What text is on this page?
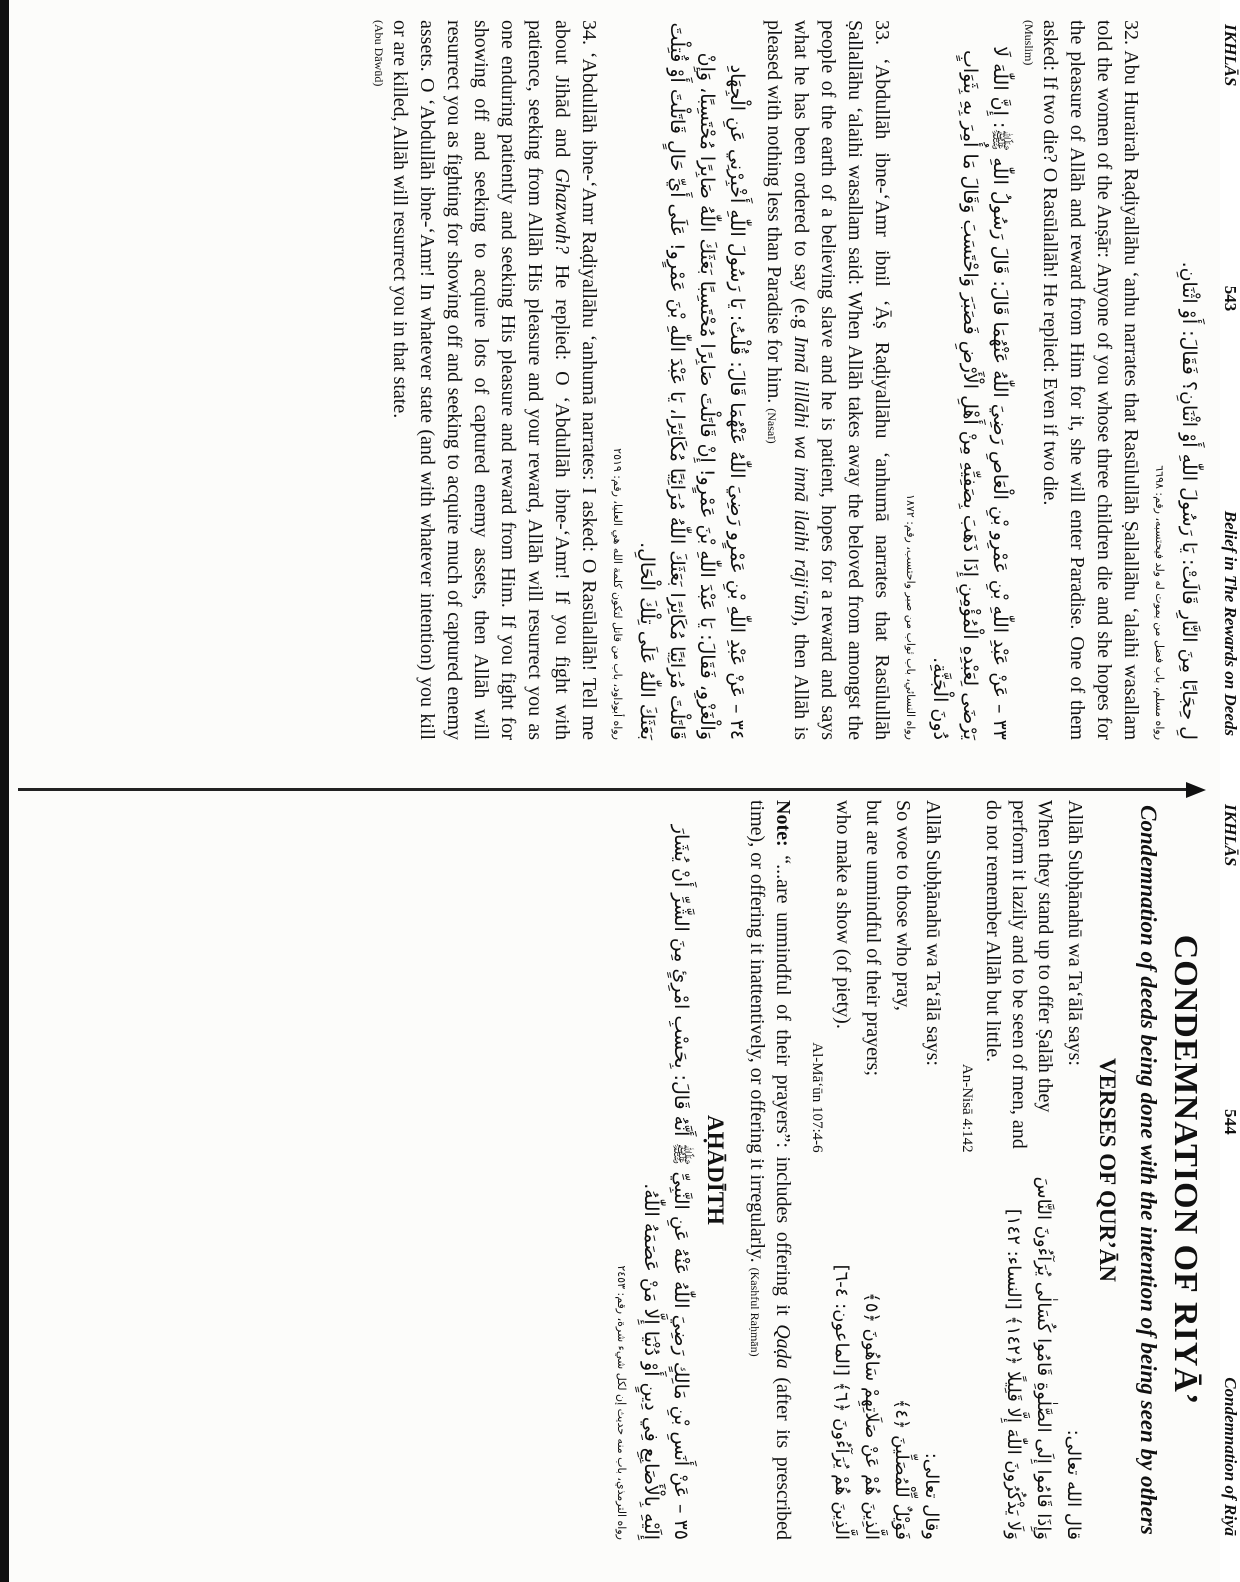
IKHLĀS
543
Belief in The Rewards on Deeds
لِ حِجَابًا مِنَ النَّارِ قَالَتْ: يَا رَسُولَ اللّٰهِ أَوْ اثْنَانِ؟ فَقَالَ: أَوْ اثْنَانِ.
رواه مسلم، باب فضل من يموت له ولد فيحتسبه، رقم: ٦٦٩٨
32. Abu Hurairah Raḍiyallāhu ‘anhu narrates that Rasūlullāh Ṣallallāhu ‘alaihi wasallam told the women of the Anṣār: Anyone of you whose three children die and she hopes for the pleasure of Allāh and reward from Him for it, she will enter Paradise. One of them asked: If two die? O Rasūlallāh! He replied: Even if two die.
(Muslim)
٣٣ – عَنْ عَبْدِ اللّٰهِ بْنِ عَمْرِو بْنِ الْعَاصِ رَضِيَ اللّٰهُ عَنْهُمَا قَالَ: قَالَ رَسُولُ اللّٰهِ ﷺ: إِنَّ اللّٰهَ لَا يَرْضَى لِعَبْدِهِ الْمُؤْمِنِ إِذَا ذَهَبَ بِصَفِيِّهِ مِنْ أَهْلِ الْأَرْضِ فَصَبَرَ وَاحْتَسَبَ وَقَالَ مَا أُمِرَ بِهِ بِثَوَابٍ دُونَ الْجَنَّةِ.
رواه النسائي، باب ثواب من صبر واحتسب، رقم: ١٨٧٢
33. ‘Abdullāh ibne-‘Amr ibnil ‘Āṣ Raḍiyallāhu ‘anhumā narrates that Rasūlullāh Ṣallallāhu ‘alaihi wasallam said: When Allāh takes away the beloved from amongst the people of the earth of a believing slave and he is patient, hopes for a reward and says what he has been ordered to say (e.g Innā lillāhi wa innā ilaihi rāji‘ūn), then Allāh is pleased with nothing less than Paradise for him. (Nasaī)
٣٤ – عَنْ عَبْدِ اللّٰهِ بْنِ عَمْرٍو رَضِيَ اللّٰهُ عَنْهُمَا قَالَ: قُلْتُ: يَا رَسُولَ اللّٰهِ أَخْبِرْنِي عَنِ الْجِهَادِ وَالْغَزْوِ، فَقَالَ: يَا عَبْدَ اللّٰهِ بْنَ عَمْرٍو! إِنْ قَاتَلْتَ صَابِرًا مُحْتَسِبًا بَعَثَكَ اللّٰهُ صَابِرًا مُحْتَسِبًا، وَإِنْ قَاتَلْتَ مُرَائِيًا مُكَاثِرًا بَعَثَكَ اللّٰهُ مُرَائِيًا مُكَاثِرًا، يَا عَبْدَ اللّٰهِ بْنَ عَمْرٍو! عَلَى أَيِّ حَالٍ قَاتَلْتَ أَوْ قُتِلْتَ بَعَثَكَ اللّٰهُ عَلَى تِلْكَ الْحَالِ.
رواه أبوداود، باب من قاتل لتكون كلمة الله هي العليا، رقم: ٢٥١٩
34. ‘Abdullāh ibne-‘Amr Raḍiyallāhu ‘anhumā narrates: I asked: O Rasūlallāh! Tell me about Jihād and Ghazwah? He replied: O ‘Abdullāh ibne-‘Amr! If you fight with patience, seeking from Allāh His pleasure and your reward, Allāh will resurrect you as one enduring patiently and seeking His pleasure and reward from Him. If you fight for showing off and seeking to acquire lots of captured enemy assets, then Allāh will resurrect you as fighting for showing off and seeking to acquire much of captured enemy assets. O ‘Abdullāh ibne-‘Amr! In whatever state (and with whatever intention) you kill or are killed, Allāh will resurrect you in that state.
(Abu Dāwūd)
IKHLĀS
544
Condemnation of Riyā
CONDEMNATION OF RIYĀ’
Condemnation of deeds being done with the intention of being seen by others
VERSES OF QUR’ĀN
Allāh Subḥānahū wa Ta‘ālā says:
قال الله تعالى:
When they stand up to offer Ṣalāh they perform it lazily and to be seen of men, and do not remember Allāh but little.
An-Nisā 4:142
وَإِذَا قَامُوا إِلَى الصَّلٰوةِ قَامُوا كُسَالٰى يُرَآءُونَ النَّاسَ وَلَا يَذْكُرُونَ اللّٰهَ إِلَّا قَلِيلًا ﴿١٤٢﴾ [النساء: ١٤٢]
Allāh Subḥānahū wa Ta‘ālā says:
وقال تعالى:
So woe to those who pray,
فَوَيْلٌ لِّلْمُصَلِّينَ ﴿٤﴾
but are unmindful of their prayers;
الَّذِينَ هُمْ عَنْ صَلَاتِهِمْ سَاهُونَ ﴿٥﴾
who make a show (of piety).
Al-Mā‘ūn 107:4-6
الَّذِينَ هُمْ يُرَآءُونَ ﴿٦﴾ [الماعون: ٤-٦]
Note: “...are unmindful of their prayers”: includes offering it Qaḍa (after its prescribed time), or offering it inattentively, or offering it irregularly. (Kashful Raḥmān)
AḤĀDĪTH
٣٥ – عَنْ أَنَسِ بْنِ مَالِكٍ رَضِيَ اللّٰهُ عَنْهُ عَنِ النَّبِيِّ ﷺ أَنَّهُ قَالَ: بِحَسْبِ امْرِئٍ مِنَ الشَّرِّ أَنْ يُشَارَ إِلَيْهِ بِالْأَصَابِعِ فِي دِينٍ أَوْ دُنْيَا إِلَّا مَنْ عَصَمَهُ اللّٰهُ.
رواه الترمذي، باب منه حديث إن لكل شيء شرة، رقم: ٢٤٥٣
